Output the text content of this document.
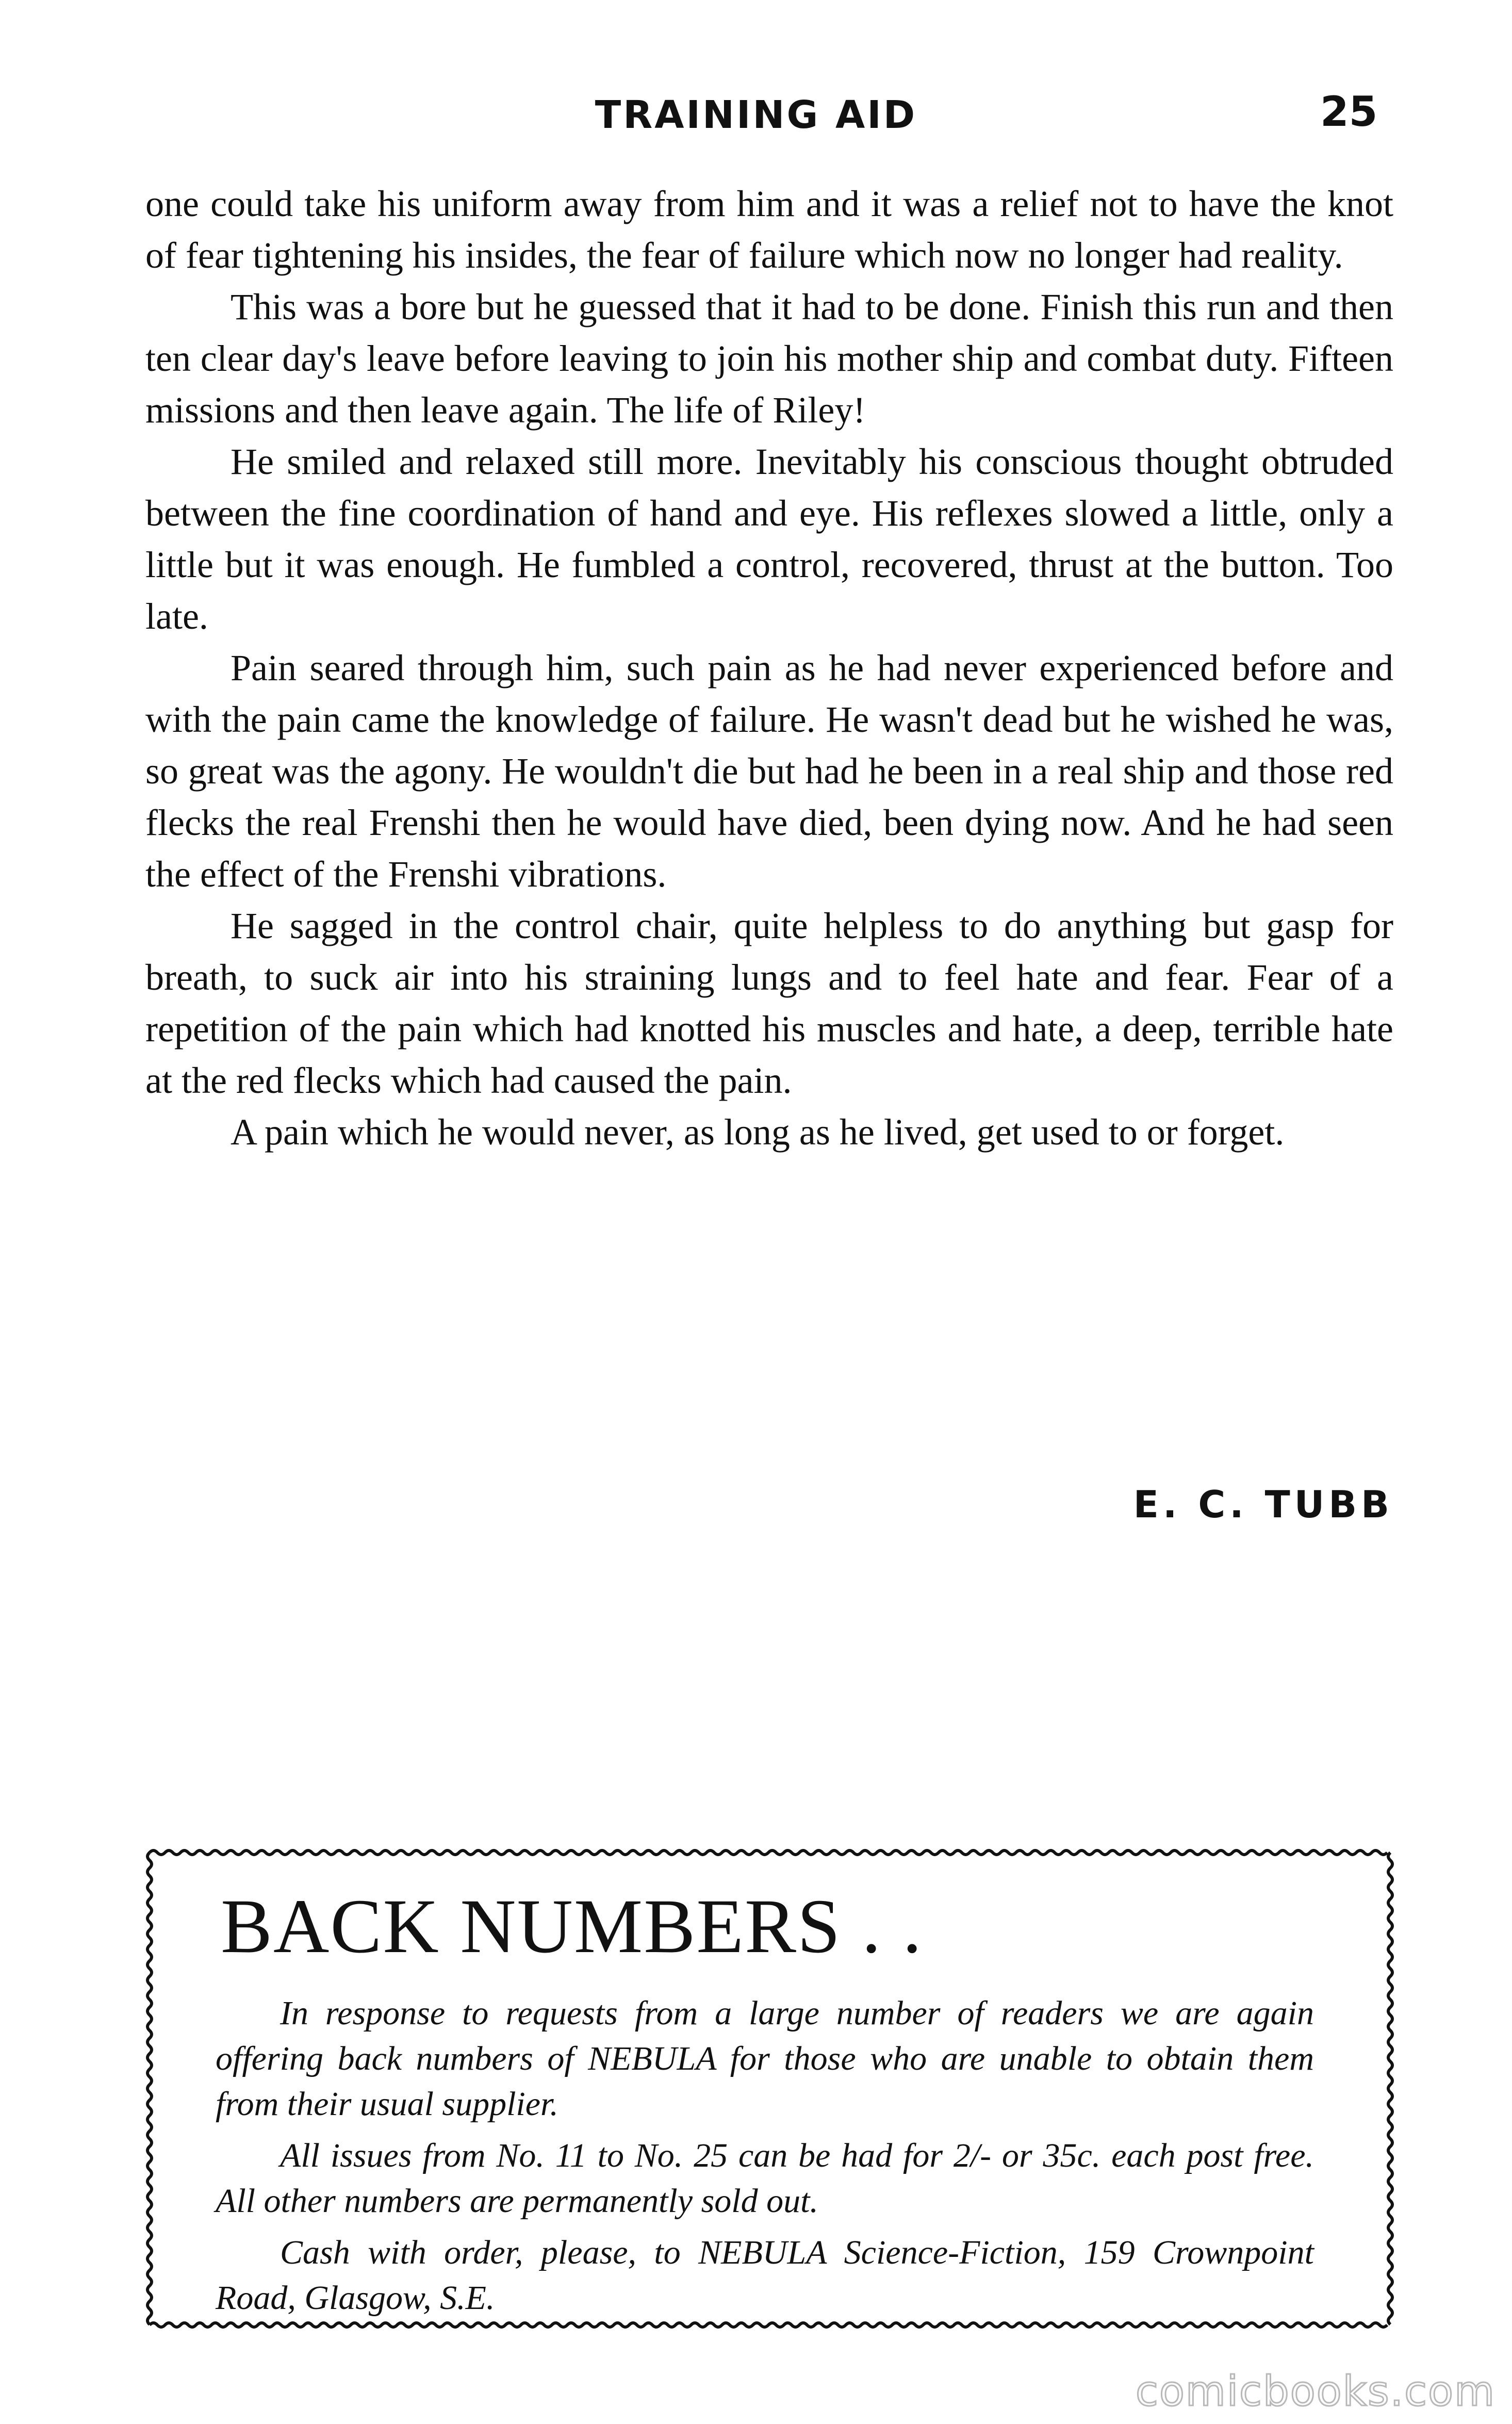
TRAINING AID	25

one could take his uniform away from him and it was a relief not to have the knot of fear tightening his insides, the fear of failure which now no longer had reality.

This was a bore but he guessed that it had to be done. Finish this run and then ten clear day's leave before leaving to join his mother ship and combat duty. Fifteen missions and then leave again. The life of Riley!

He smiled and relaxed still more. Inevitably his conscious thought obtruded between the fine coordination of hand and eye. His reflexes slowed a little, only a little but it was enough. He fumbled a control, recovered, thrust at the button. Too late.

Pain seared through him, such pain as he had never experienced before and with the pain came the knowledge of failure. He wasn't dead but he wished he was, so great was the agony. He wouldn't die but had he been in a real ship and those red flecks the real Frenshi then he would have died, been dying now. And he had seen the effect of the Frenshi vibrations.

He sagged in the control chair, quite helpless to do anything but gasp for breath, to suck air into his straining lungs and to feel hate and fear. Fear of a repetition of the pain which had knotted his muscles and hate, a deep, terrible hate at the red flecks which had caused the pain.

A pain which he would never, as long as he lived, get used to or forget.

E. C. TUBB
BACK NUMBERS . .

In response to requests from a large number of readers we are again offering back numbers of NEBULA for those who are unable to obtain them from their usual supplier.

All issues from No. 11 to No. 25 can be had for 2/- or 35c. each post free. All other numbers are permanently sold out.

Cash with order, please, to NEBULA Science-Fiction, 159 Crownpoint Road, Glasgow, S.E.

comicbooks.com
